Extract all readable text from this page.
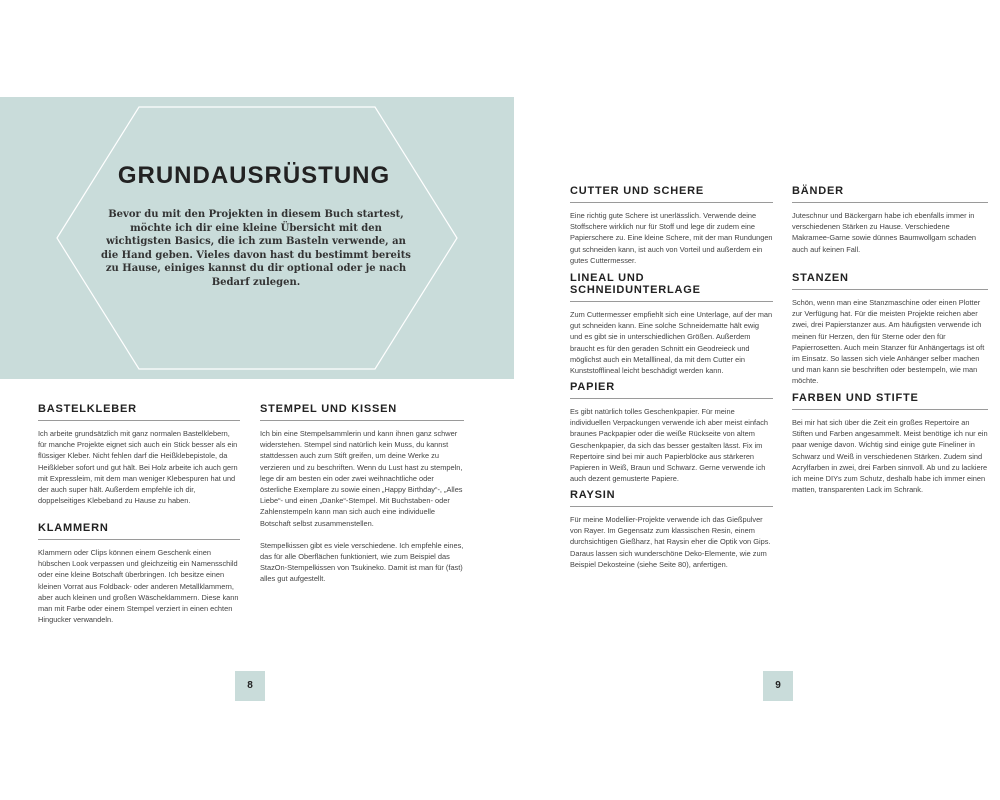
GRUNDAUSRÜSTUNG
Bevor du mit den Projekten in diesem Buch startest, möchte ich dir eine kleine Übersicht mit den wichtigsten Basics, die ich zum Basteln verwende, an die Hand geben. Vieles davon hast du bestimmt bereits zu Hause, einiges kannst du dir optional oder je nach Bedarf zulegen.
BASTELKLEBER

Ich arbeite grundsätzlich mit ganz normalen Bastelklebern, für manche Projekte eignet sich auch ein Stick besser als ein flüssiger Kleber. Nicht fehlen darf die Heißklebepistole, da Heißkleber sofort und gut hält. Bei Holz arbeite ich auch gern mit Expressleim, mit dem man weniger Klebespuren hat und der auch super hält. Außerdem empfehle ich dir, doppelseitiges Klebeband zu Hause zu haben.

KLAMMERN

Klammern oder Clips können einem Geschenk einen hübschen Look verpassen und gleichzeitig ein Namensschild oder eine kleine Botschaft überbringen. Ich besitze einen kleinen Vorrat aus Foldback- oder anderen Metallklammern, aber auch kleinen und großen Wäscheklammern. Diese kann man mit Farbe oder einem Stempel verziert in einen echten Hingucker verwandeln.

STEMPEL UND KISSEN

Ich bin eine Stempelsammlerin und kann ihnen ganz schwer widerstehen. Stempel sind natürlich kein Muss, du kannst stattdessen auch zum Stift greifen, um deine Werke zu verzieren und zu beschriften. Wenn du Lust hast zu stempeln, lege dir am besten ein oder zwei weihnachtliche oder österliche Exemplare zu sowie einen „Happy Birthday“-, „Alles Liebe“- und einen „Danke“-Stempel. Mit Buchstaben- oder Zahlenstempeln kann man sich auch eine individuelle Botschaft selbst zusammenstellen.

Stempelkissen gibt es viele verschiedene. Ich empfehle eines, das für alle Oberflächen funktioniert, wie zum Beispiel das StazOn-Stempelkissen von Tsukineko. Damit ist man für (fast) alles gut aufgestellt.

8
CUTTER UND SCHERE

Eine richtig gute Schere ist unerlässlich. Verwende deine Stoffschere wirklich nur für Stoff und lege dir zudem eine Papierschere zu. Eine kleine Schere, mit der man Rundungen gut schneiden kann, ist auch von Vorteil und außerdem ein gutes Cuttermesser.

LINEAL UND SCHNEIDUNTERLAGE

Zum Cuttermesser empfiehlt sich eine Unterlage, auf der man gut schneiden kann. Eine solche Schneidematte hält ewig und es gibt sie in unterschiedlichen Größen. Außerdem braucht es für den geraden Schnitt ein Geodreieck und möglichst auch ein Metalllineal, da mit dem Cutter ein Kunststofflineal leicht beschädigt werden kann.

PAPIER

Es gibt natürlich tolles Geschenkpapier. Für meine individuellen Verpackungen verwende ich aber meist einfach braunes Packpapier oder die weiße Rückseite von altem Geschenkpapier, da sich das besser gestalten lässt. Fix im Repertoire sind bei mir auch Papierblöcke aus stärkeren Papieren in Weiß, Braun und Schwarz. Gerne verwende ich auch dezent gemusterte Papiere.

RAYSIN

Für meine Modellier-Projekte verwende ich das Gießpulver von Rayer. Im Gegensatz zum klassischen Resin, einem durchsichtigen Gießharz, hat Raysin eher die Optik von Gips. Daraus lassen sich wunderschöne Deko-Elemente, wie zum Beispiel Dekosteine (siehe Seite 80), anfertigen.

BÄNDER

Juteschnur und Bäckergarn habe ich ebenfalls immer in verschiedenen Stärken zu Hause. Verschiedene Makramee-Garne sowie dünnes Baumwollgarn schaden auch auf keinen Fall.

STANZEN

Schön, wenn man eine Stanzmaschine oder einen Plotter zur Verfügung hat. Für die meisten Projekte reichen aber zwei, drei Papierstanzer aus. Am häufigsten verwende ich meinen für Herzen, den für Sterne oder den für Papierrosetten. Auch mein Stanzer für Anhängertags ist oft im Einsatz. So lassen sich viele Anhänger selber machen und man kann sie beschriften oder bestempeln, wie man möchte.

FARBEN UND STIFTE

Bei mir hat sich über die Zeit ein großes Repertoire an Stiften und Farben angesammelt. Meist benötige ich nur ein paar wenige davon. Wichtig sind einige gute Fineliner in Schwarz und Weiß in verschiedenen Stärken. Zudem sind Acrylfarben in zwei, drei Farben sinnvoll. Ab und zu lackiere ich meine DIYs zum Schutz, deshalb habe ich immer einen matten, transparenten Lack im Schrank.

9
